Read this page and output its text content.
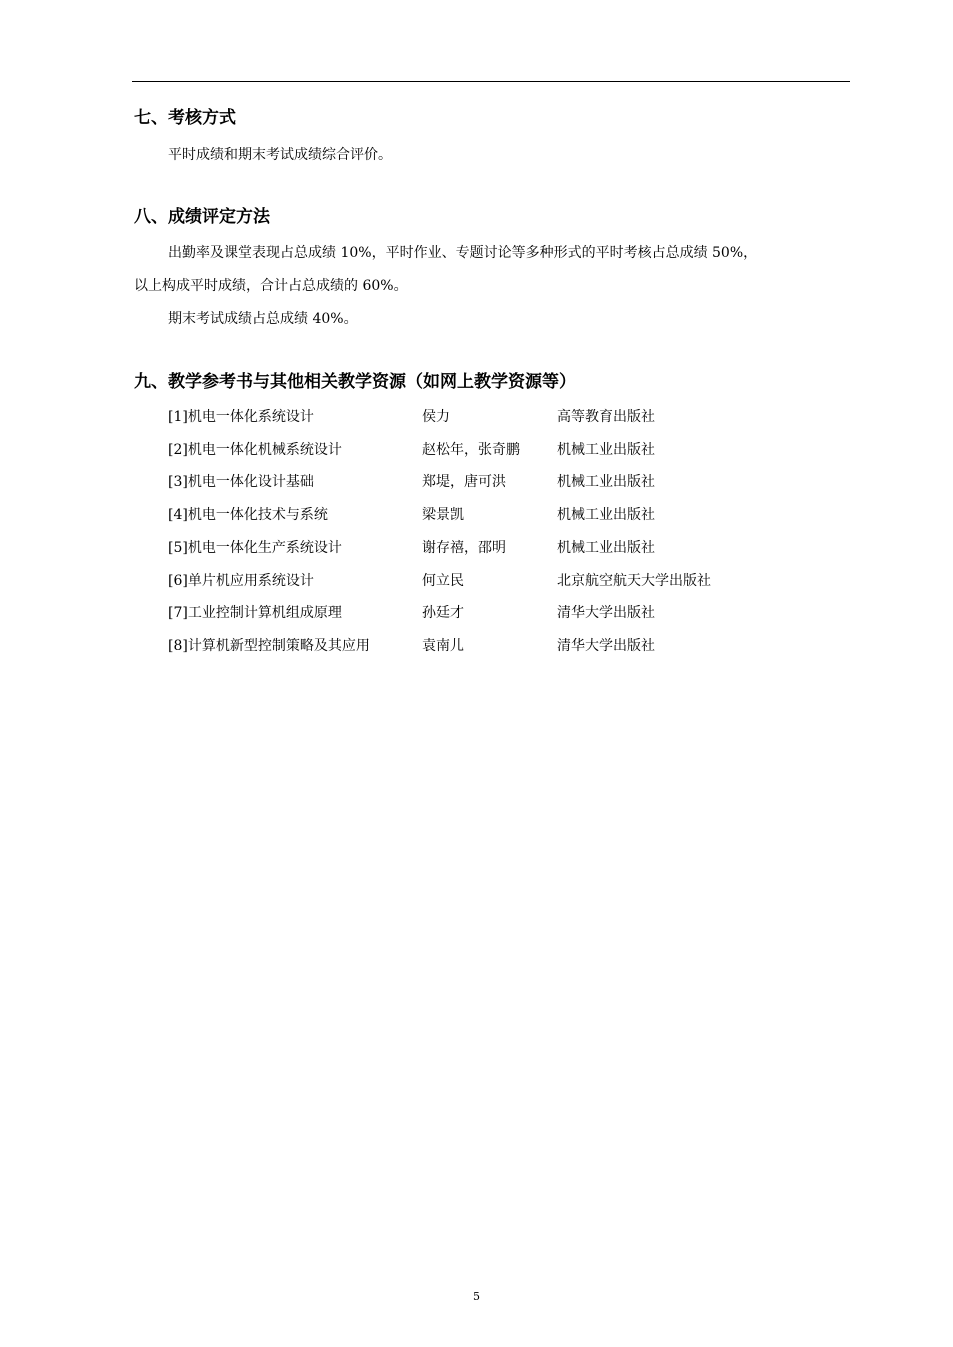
七、考核方式
平时成绩和期末考试成绩综合评价。
八、成绩评定方法
出勤率及课堂表现占总成绩 10%，平时作业、专题讨论等多种形式的平时考核占总成绩 50%，
以上构成平时成绩，合计占总成绩的 60%。
期末考试成绩占总成绩 40%。
九、教学参考书与其他相关教学资源（如网上教学资源等）
[1]机电一体化系统设计	侯力	高等教育出版社
[2]机电一体化机械系统设计	赵松年，张奇鹏	机械工业出版社
[3]机电一体化设计基础	郑堤，唐可洪	机械工业出版社
[4]机电一体化技术与系统	梁景凯	机械工业出版社
[5]机电一体化生产系统设计	谢存禧，邵明	机械工业出版社
[6]单片机应用系统设计	何立民	北京航空航天大学出版社
[7]工业控制计算机组成原理	孙廷才	清华大学出版社
[8]计算机新型控制策略及其应用	袁南儿	清华大学出版社
5
